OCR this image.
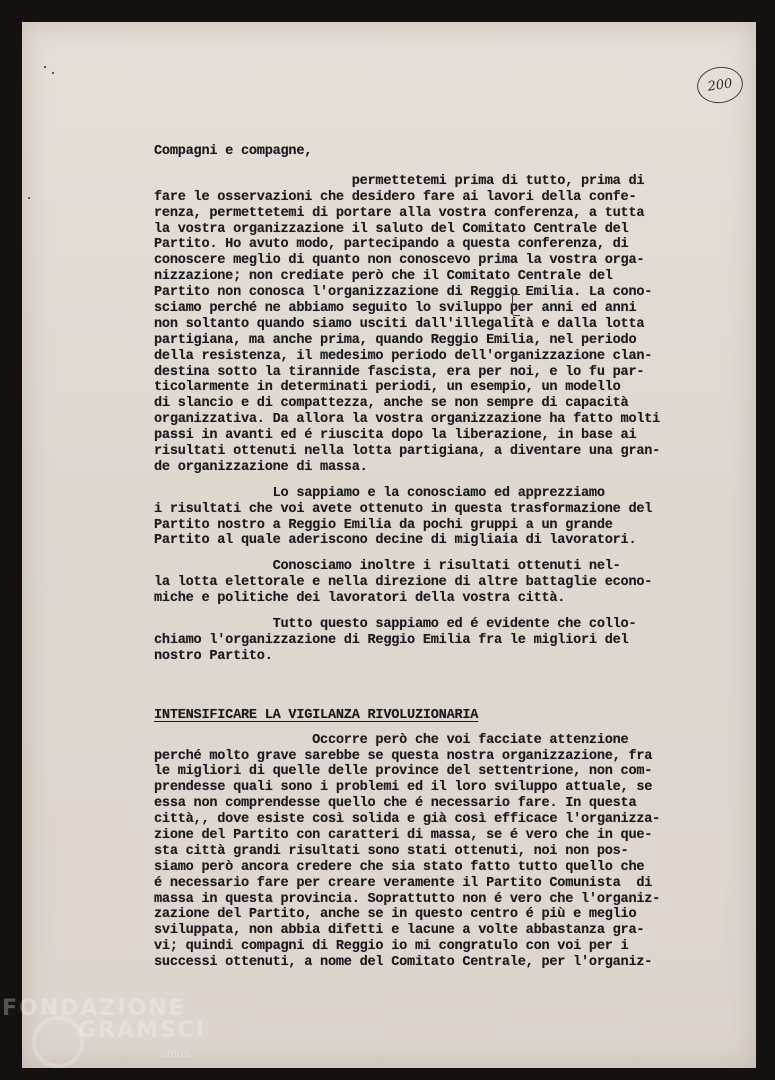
200
Compagni e compagne,
permettetemi prima di tutto, prima di
fare le osservazioni che desidero fare ai lavori della confe-
renza, permettetemi di portare alla vostra conferenza, a tutta
la vostra organizzazione il saluto del Comitato Centrale del
Partito. Ho avuto modo, partecipando a questa conferenza, di
conoscere meglio di quanto non conoscevo prima la vostra orga-
nizzazione; non crediate però che il Comitato Centrale del
Partito non conosca l'organizzazione di Reggio Emilia. La cono-
sciamo perché ne abbiamo seguito lo sviluppo per anni ed anni
non soltanto quando siamo usciti dall'illegalità e dalla lotta
partigiana, ma anche prima, quando Reggio Emilia, nel periodo
della resistenza, il medesimo periodo dell'organizzazione clan-
destina sotto la tirannide fascista, era per noi, e lo fu par-
ticolarmente in determinati periodi, un esempio, un modello
di slancio e di compattezza, anche se non sempre di capacità
organizzativa. Da allora la vostra organizzazione ha fatto molti
passi in avanti ed é riuscita dopo la liberazione, in base ai
risultati ottenuti nella lotta partigiana, a diventare una gran-
de organizzazione di massa.
Lo sappiamo e la conosciamo ed apprezziamo
i risultati che voi avete ottenuto in questa trasformazione del
Partito nostro a Reggio Emilia da pochi gruppi a un grande
Partito al quale aderiscono decine di migliaia di lavoratori.
Conosciamo inoltre i risultati ottenuti nel-
la lotta elettorale e nella direzione di altre battaglie econo-
miche e politiche dei lavoratori della vostra città.
Tutto questo sappiamo ed é evidente che collo-
chiamo l'organizzazione di Reggio Emilia fra le migliori del
nostro Partito.
INTENSIFICARE LA VIGILANZA RIVOLUZIONARIA
Occorre però che voi facciate attenzione
perché molto grave sarebbe se questa nostra organizzazione, fra
le migliori di quelle delle province del settentrione, non com-
prendesse quali sono i problemi ed il loro sviluppo attuale, se
essa non comprendesse quello che é necessario fare. In questa
città,, dove esiste così solida e già così efficace l'organizza-
zione del Partito con caratteri di massa, se é vero che in que-
sta città grandi risultati sono stati ottenuti, noi non pos-
siamo però ancora credere che sia stato fatto tutto quello che
é necessario fare per creare veramente il Partito Comunista  di
massa in questa provincia. Soprattutto non é vero che l'organiz-
zazione del Partito, anche se in questo centro é più e meglio
sviluppata, non abbia difetti e lacune a volte abbastanza gra-
vi; quindi compagni di Reggio io mi congratulo con voi per i
successi ottenuti, a nome del Comitato Centrale, per l'organiz-
FONDAZIONE
GRAMSCI
onlus
